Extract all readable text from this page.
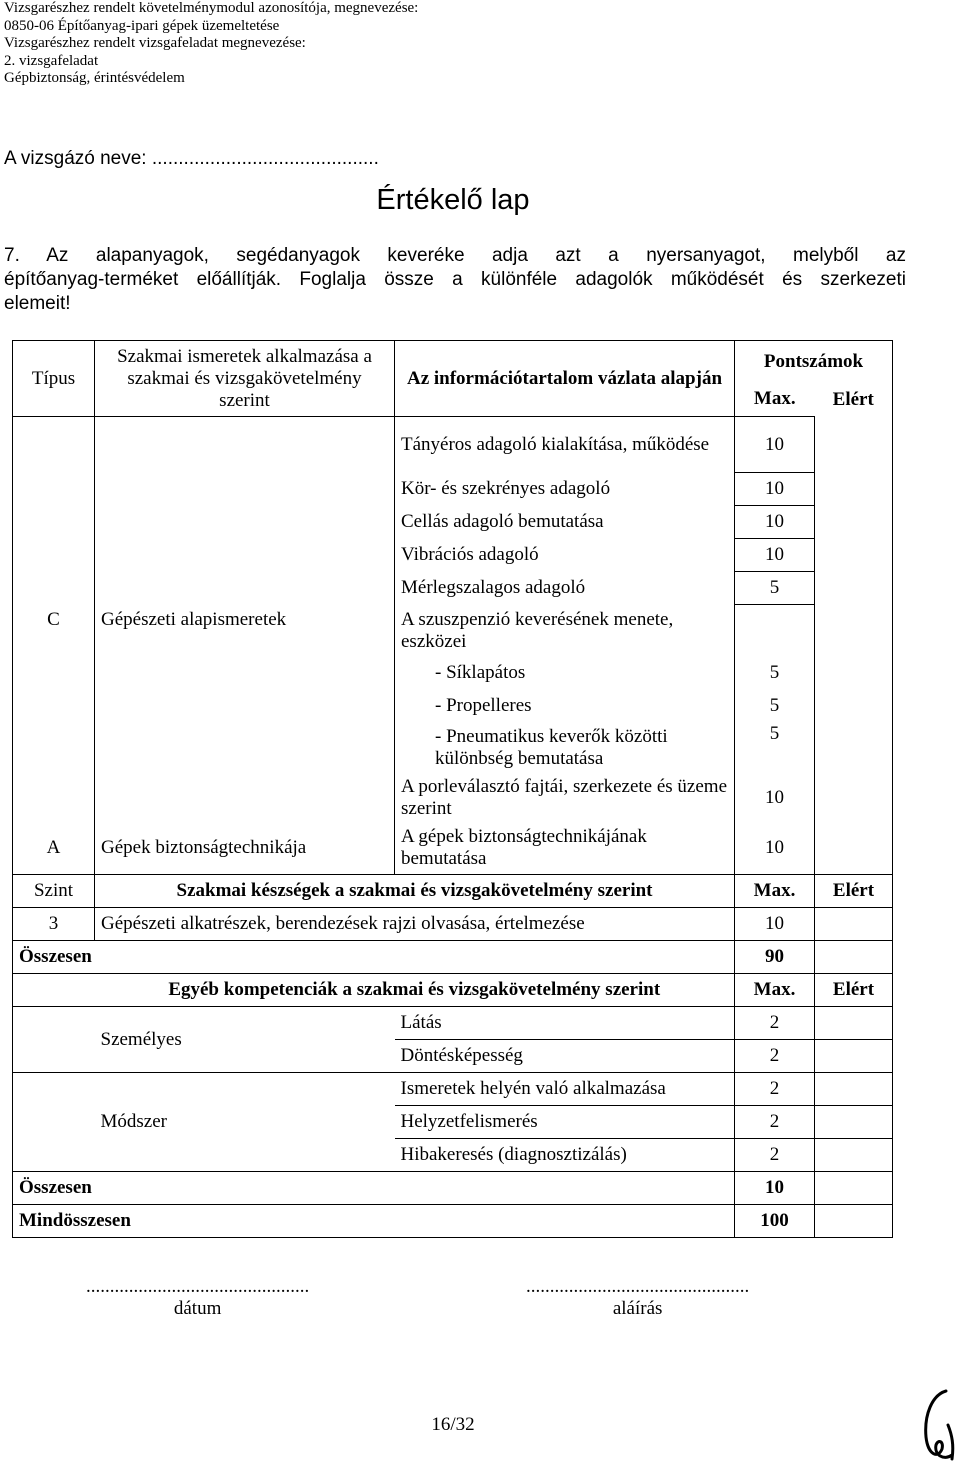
Vizsgarészhez rendelt követelménymodul azonosítója, megnevezése:
0850-06 Építőanyag-ipari gépek üzemeltetése
Vizsgarészhez rendelt vizsgafeladat megnevezése:
2. vizsgafeladat
Gépbiztonság, érintésvédelem
A vizsgázó neve: ...........................................
Értékelő lap
7. Az alapanyagok, segédanyagok keveréke adja azt a nyersanyagot, melyből az
építőanyag-terméket előállítják. Foglalja össze a különféle adagolók működését és szerkezeti
elemeit!
Típus	Szakmai ismeretek alkalmazása a szakmai és vizsgakövetelmény szerint	Az információtartalom vázlata alapján	Pontszámok	
			Max.	Elért
C	Gépészeti alapismeretek	Tányéros adagoló kialakítása, működése	10	
		Kör- és szekrényes adagoló	10	
		Cellás adagoló bemutatása	10	
		Vibrációs adagoló	10	
		Mérlegszalagos adagoló	5	
		A szuszpenzió keverésének menete, eszközei		
		- Síklapátos	5	
		- Propelleres	5	
		- Pneumatikus keverők közötti különbség bemutatása	5	
		A porleválasztó fajtái, szerkezete és üzeme szerint	10	

A	Gépek biztonságtechnikája	A gépek biztonságtechnikájának bemutatása	10	
Szint	Szakmai készségek a szakmai és vizsgakövetelmény szerint		Max.	Elért
3	Gépészeti alkatrészek, berendezések rajzi olvasása, értelmezése		10	
Összesen			90	
	Egyéb kompetenciák a szakmai és vizsgakövetelmény szerint		Max.	Elért
	Személyes	Látás	2	
		Döntésképesség	2	
	Módszer	Ismeretek helyén való alkalmazása	2	
		Helyzetfelismerés	2	
		Hibakeresés (diagnosztizálás)	2	
Összesen			10	
Mindösszesen			100	
...............................................
dátum
...............................................
aláírás
16/32
